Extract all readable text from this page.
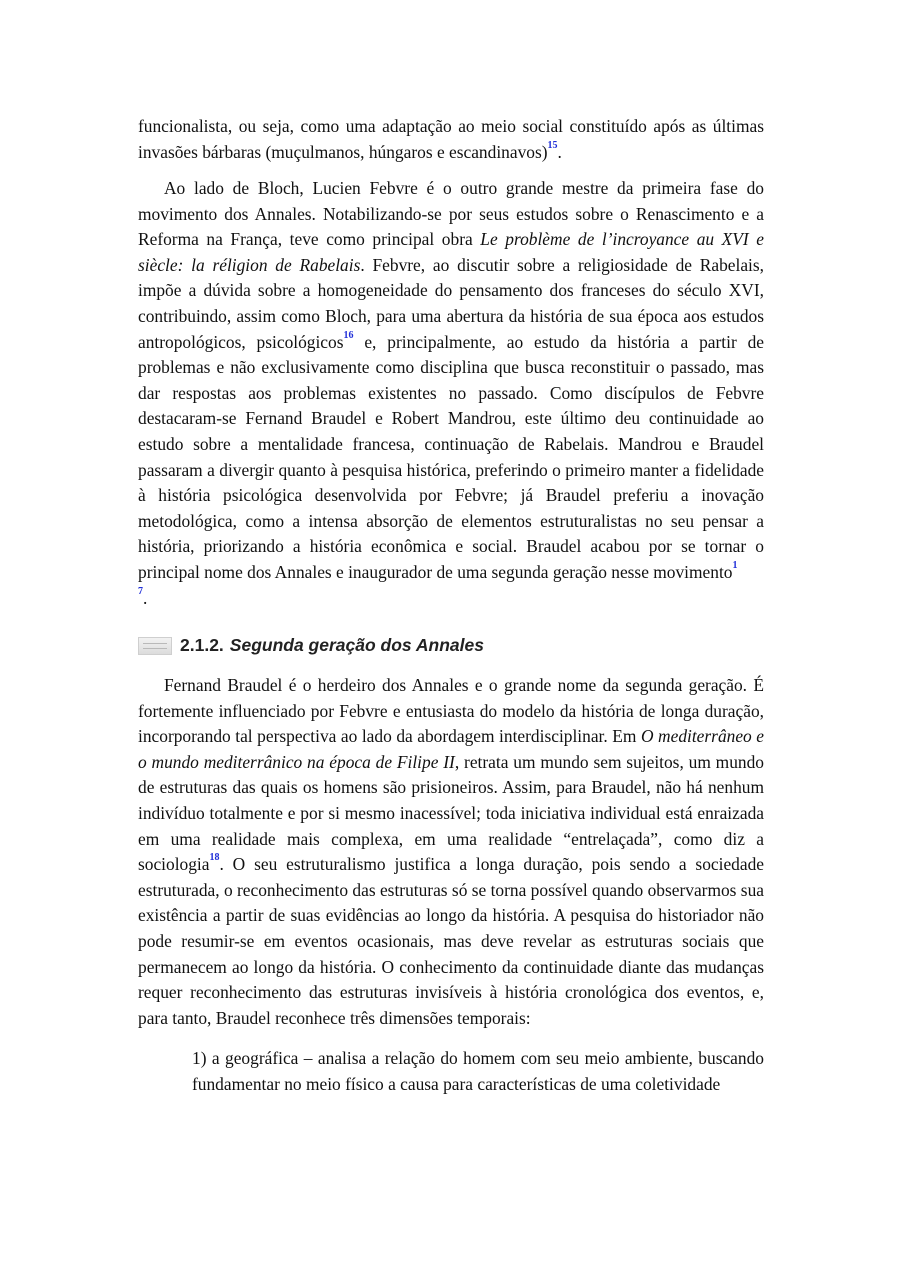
funcionalista, ou seja, como uma adaptação ao meio social constituído após as últimas invasões bárbaras (muçulmanos, húngaros e escandinavos)$^{15}$.

Ao lado de Bloch, Lucien Febvre é o outro grande mestre da primeira fase do movimento dos Annales. Notabilizando-se por seus estudos sobre o Renascimento e a Reforma na França, teve como principal obra Le problème de l’incroyance au XVI e siècle: la réligion de Rabelais. Febvre, ao discutir sobre a religiosidade de Rabelais, impõe a dúvida sobre a homogeneidade do pensamento dos franceses do século XVI, contribuindo, assim como Bloch, para uma abertura da história de sua época aos estudos antropológicos, psicológicos$^{16}$ e, principalmente, ao estudo da história a partir de problemas e não exclusivamente como disciplina que busca reconstituir o passado, mas dar respostas aos problemas existentes no passado. Como discípulos de Febvre destacaram-se Fernand Braudel e Robert Mandrou, este último deu continuidade ao estudo sobre a mentalidade francesa, continuação de Rabelais. Mandrou e Braudel passaram a divergir quanto à pesquisa histórica, preferindo o primeiro manter a fidelidade à história psicológica desenvolvida por Febvre; já Braudel preferiu a inovação metodológica, como a intensa absorção de elementos estruturalistas no seu pensar a história, priorizando a história econômica e social. Braudel acabou por se tornar o principal nome dos Annales e inaugurador de uma segunda geração nesse movimento$^1$
$^7$.

2.1.2. Segunda geração dos Annales

Fernand Braudel é o herdeiro dos Annales e o grande nome da segunda geração. É fortemente influenciado por Febvre e entusiasta do modelo da história de longa duração, incorporando tal perspectiva ao lado da abordagem interdisciplinar. Em O mediterrâneo e o mundo mediterrânico na época de Filipe II, retrata um mundo sem sujeitos, um mundo de estruturas das quais os homens são prisioneiros. Assim, para Braudel, não há nenhum indivíduo totalmente e por si mesmo inacessível; toda iniciativa individual está enraizada em uma realidade mais complexa, em uma realidade “entrelaçada”, como diz a sociologia$^{18}$. O seu estruturalismo justifica a longa duração, pois sendo a sociedade estruturada, o reconhecimento das estruturas só se torna possível quando observarmos sua existência a partir de suas evidências ao longo da história. A pesquisa do historiador não pode resumir-se em eventos ocasionais, mas deve revelar as estruturas sociais que permanecem ao longo da história. O conhecimento da continuidade diante das mudanças requer reconhecimento das estruturas invisíveis à história cronológica dos eventos, e, para tanto, Braudel reconhece três dimensões temporais:

1) a geográfica – analisa a relação do homem com seu meio ambiente, buscando fundamentar no meio físico a causa para características de uma coletividade
